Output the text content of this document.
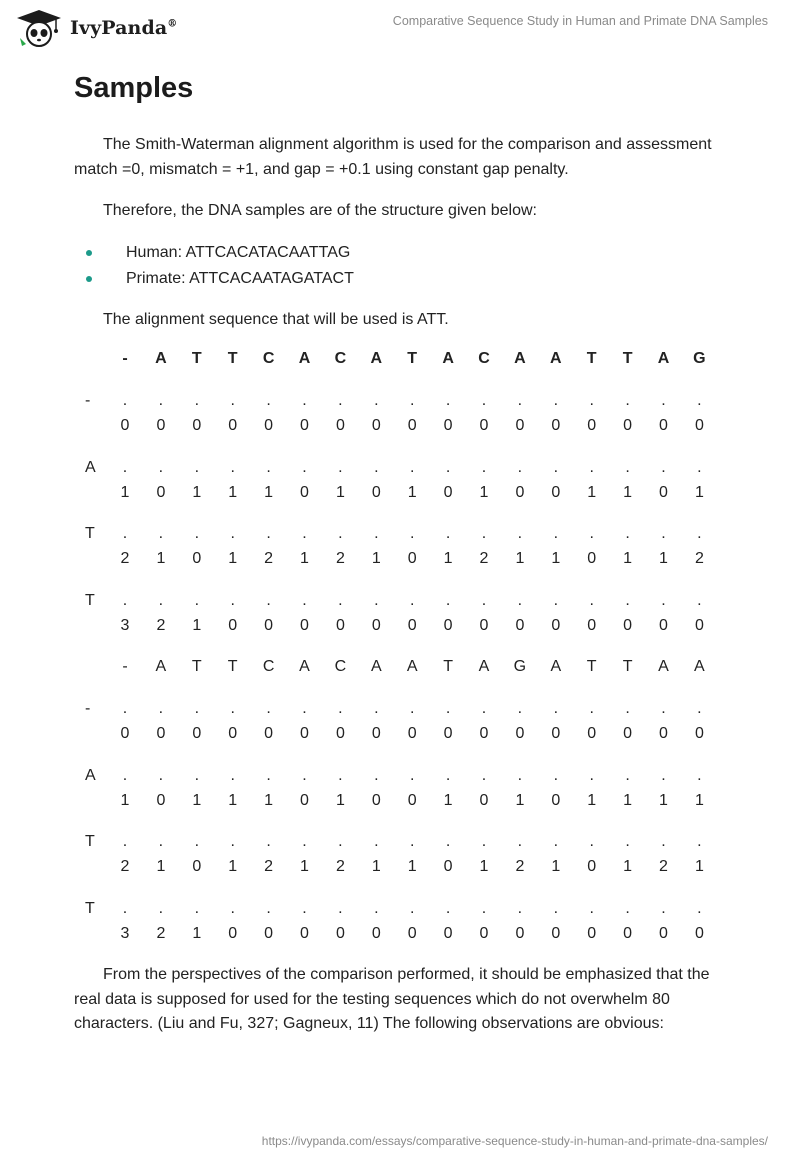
IvyPanda®	Comparative Sequence Study in Human and Primate DNA Samples
Samples

The Smith-Waterman alignment algorithm is used for the comparison and assessment match =0, mismatch = +1, and gap = +0.1 using constant gap penalty.

Therefore, the DNA samples are of the structure given below:

Human: ATTCACATACAATTAG
Primate: ATTCACAATAGATACT

The alignment sequence that will be used is ATT.

- A T T C A C A T A C A A T T A G
- .
0
.
0
.
0
.
0
.
0
.
0
.
0
.
0
.
0
.
0
.
0
.
0
.
0
.
0
.
0
.
0
.
0
A .
1
.
0
.
1
.
1
.
1
.
0
.
1
.
0
.
1
.
0
.
1
.
0
.
0
.
1
.
1
.
0
.
1
T .
2
.
1
.
0
.
1
.
2
.
1
.
2
.
1
.
0
.
1
.
2
.
1
.
1
.
0
.
1
.
1
.
2
T .
3
.
2
.
1
.
0
.
0
.
0
.
0
.
0
.
0
.
0
.
0
.
0
.
0
.
0
.
0
.
0
.
0
- A T T C A C A A T A G A T T A A
- .
0
.
0
.
0
.
0
.
0
.
0
.
0
.
0
.
0
.
0
.
0
.
0
.
0
.
0
.
0
.
0
.
0
A .
1
.
0
.
1
.
1
.
1
.
0
.
1
.
0
.
0
.
1
.
0
.
1
.
0
.
1
.
1
.
1
.
1
T .
2
.
1
.
0
.
1
.
2
.
1
.
2
.
1
.
1
.
0
.
1
.
2
.
1
.
0
.
1
.
2
.
1
T .
3
.
2
.
1
.
0
.
0
.
0
.
0
.
0
.
0
.
0
.
0
.
0
.
0
.
0
.
0
.
0
.
0

From the perspectives of the comparison performed, it should be emphasized that the real data is supposed for used for the testing sequences which do not overwhelm 80 characters. (Liu and Fu, 327; Gagneux, 11) The following observations are obvious:

https://ivypanda.com/essays/comparative-sequence-study-in-human-and-primate-dna-samples/
